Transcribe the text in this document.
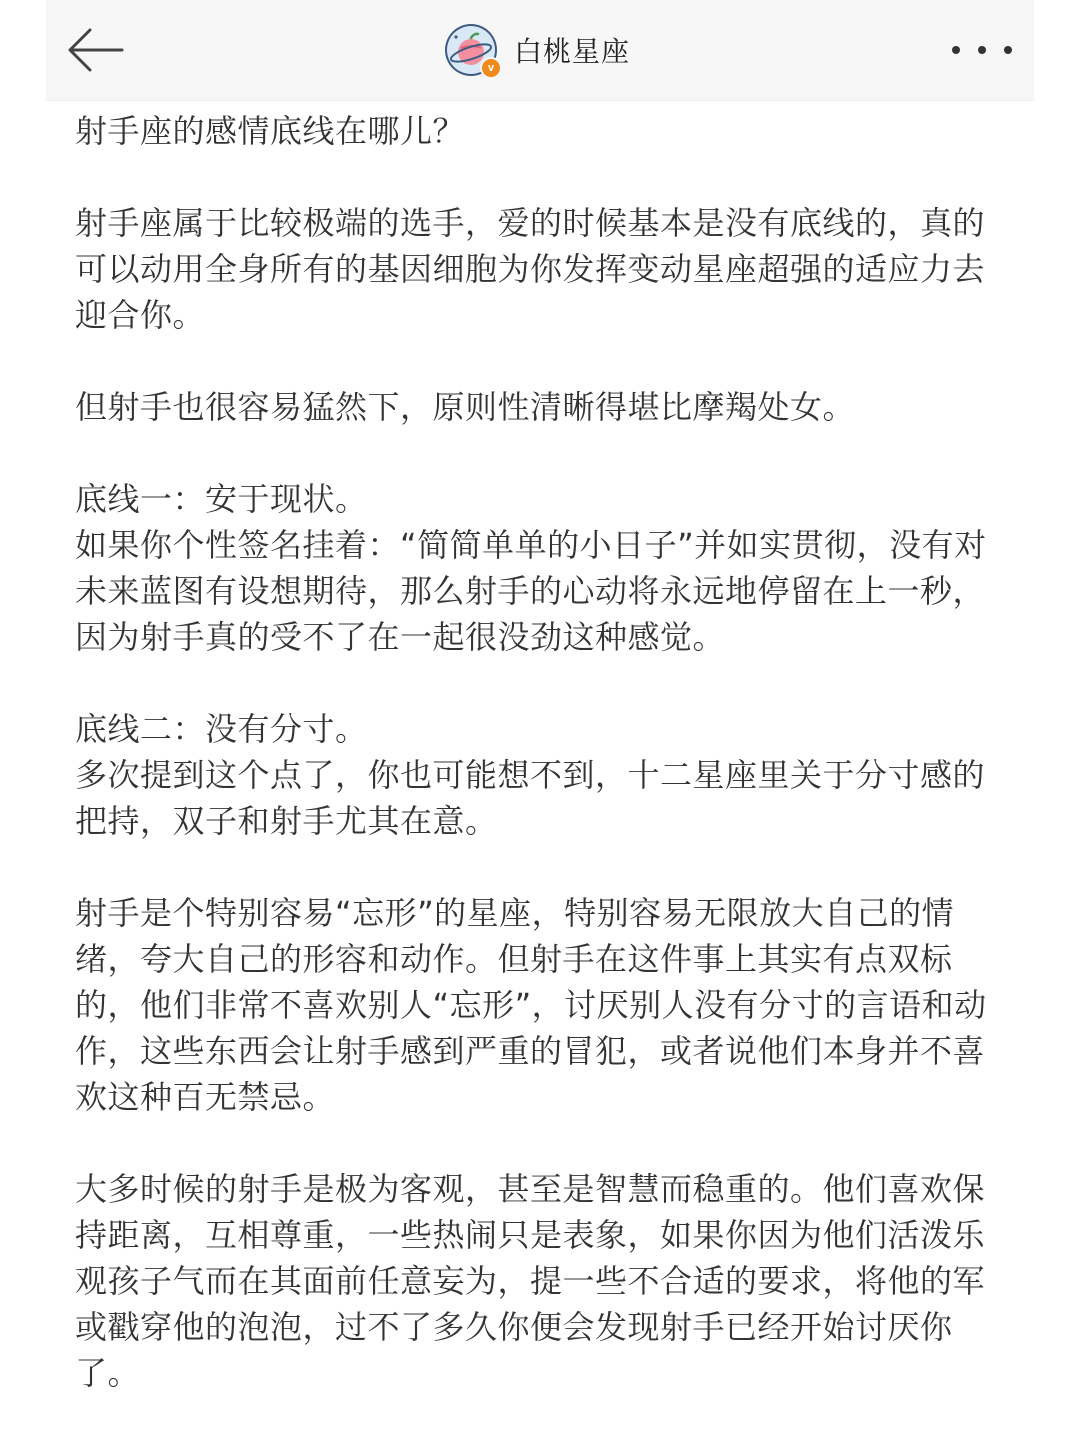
v 白桃星座

射手座的感情底线在哪儿？

射手座属于比较极端的选手，爱的时候基本是没有底线的，真的可以动用全身所有的基因细胞为你发挥变动星座超强的适应力去迎合你。

但射手也很容易猛然下，原则性清晰得堪比摩羯处女。

底线一：安于现状。

如果你个性签名挂着：“简简单单的小日子”并如实贯彻，没有对未来蓝图有设想期待，那么射手的心动将永远地停留在上一秒，因为射手真的受不了在一起很没劲这种感觉。

底线二：没有分寸。

多次提到这个点了，你也可能想不到，十二星座里关于分寸感的把持，双子和射手尤其在意。

射手是个特别容易“忘形”的星座，特别容易无限放大自己的情绪，夸大自己的形容和动作。但射手在这件事上其实有点双标的，他们非常不喜欢别人“忘形”，讨厌别人没有分寸的言语和动作，这些东西会让射手感到严重的冒犯，或者说他们本身并不喜欢这种百无禁忌。

大多时候的射手是极为客观，甚至是智慧而稳重的。他们喜欢保持距离，互相尊重，一些热闹只是表象，如果你因为他们活泼乐观孩子气而在其面前任意妄为，提一些不合适的要求，将他的军或戳穿他的泡泡，过不了多久你便会发现射手已经开始讨厌你了。
